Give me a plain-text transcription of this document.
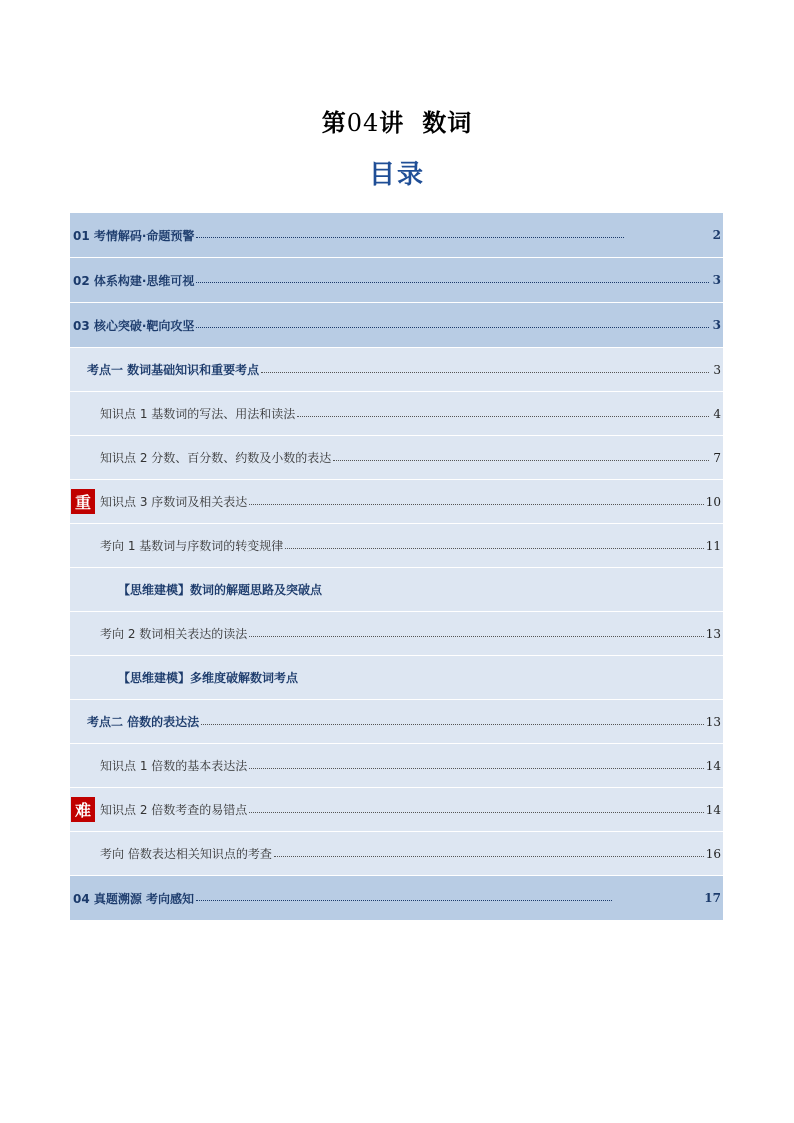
第04讲 数词
目录
01 考情解码·命题预警	2
02 体系构建·思维可视	3
03 核心突破·靶向攻坚	3
考点一 数词基础知识和重要考点	3
知识点 1 基数词的写法、用法和读法	4
知识点 2 分数、百分数、约数及小数的表达	7
重 知识点 3 序数词及相关表达	10
考向 1 基数词与序数词的转变规律	11
【思维建模】数词的解题思路及突破点
考向 2 数词相关表达的读法	13
【思维建模】多维度破解数词考点
考点二 倍数的表达法	13
知识点 1 倍数的基本表达法	14
难 知识点 2 倍数考查的易错点	14
考向 倍数表达相关知识点的考查	16
04 真题溯源 考向感知	17
